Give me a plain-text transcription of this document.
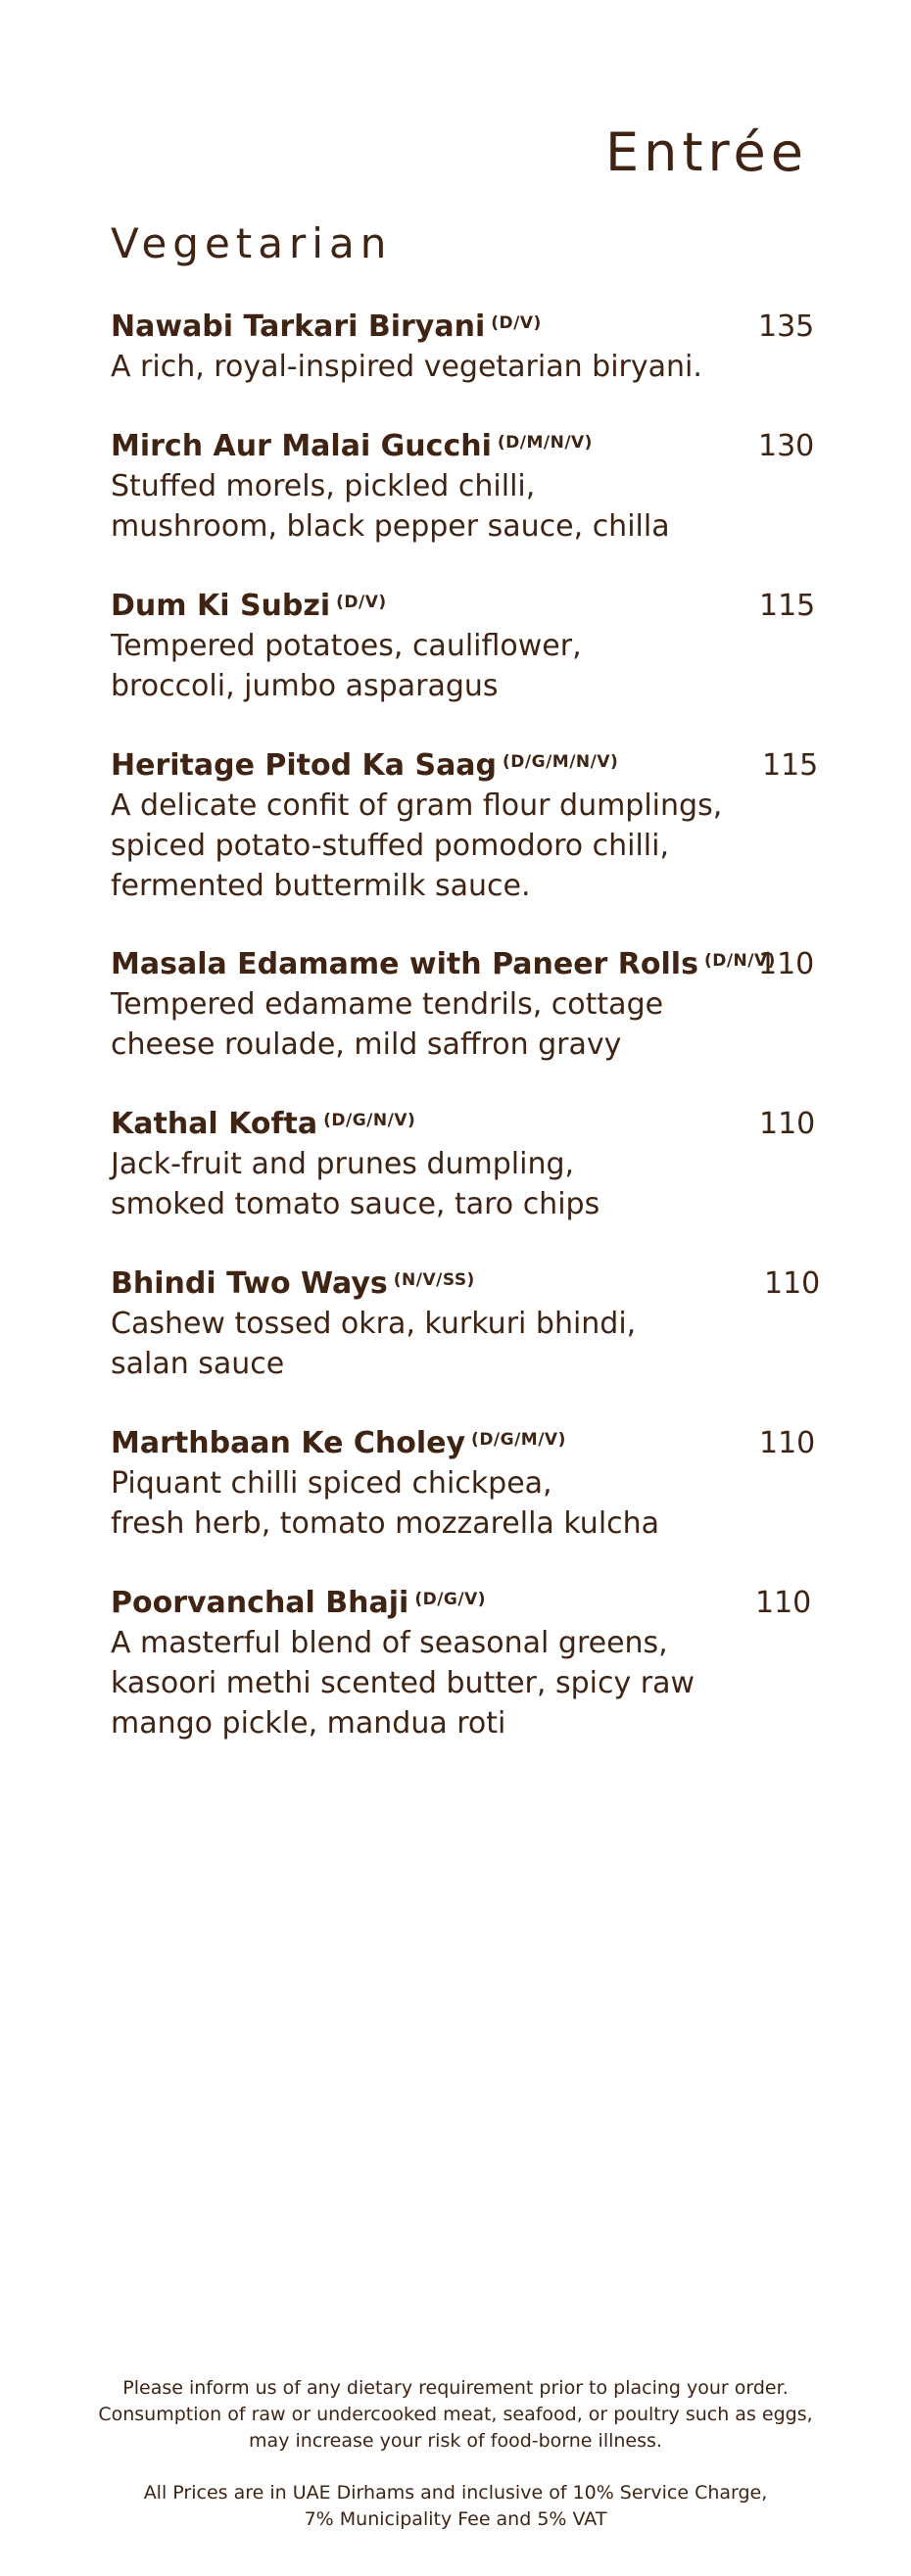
Entrée
Vegetarian
Nawabi Tarkari Biryani $^{(D/V)}$
A rich, royal-inspired vegetarian biryani.
135
Mirch Aur Malai Gucchi $^{(D/M/N/V)}$
Stuffed morels, pickled chilli,
mushroom, black pepper sauce, chilla
130
Dum Ki Subzi $^{(D/V)}$
Tempered potatoes, cauliflower,
broccoli, jumbo asparagus
115
Heritage Pitod Ka Saag $^{(D/G/M/N/V)}$
A delicate confit of gram flour dumplings,
spiced potato-stuffed pomodoro chilli,
fermented buttermilk sauce.
115
Masala Edamame with Paneer Rolls $^{(D/N/V)}$
Tempered edamame tendrils, cottage
cheese roulade, mild saffron gravy
110
Kathal Kofta $^{(D/G/N/V)}$
Jack-fruit and prunes dumpling,
smoked tomato sauce, taro chips
110
Bhindi Two Ways $^{(N/V/SS)}$
Cashew tossed okra, kurkuri bhindi,
salan sauce
110
Marthbaan Ke Choley $^{(D/G/M/V)}$
Piquant chilli spiced chickpea,
fresh herb, tomato mozzarella kulcha
110
Poorvanchal Bhaji $^{(D/G/V)}$
A masterful blend of seasonal greens,
kasoori methi scented butter, spicy raw
mango pickle, mandua roti
110
Please inform us of any dietary requirement prior to placing your order.
Consumption of raw or undercooked meat, seafood, or poultry such as eggs,
may increase your risk of food-borne illness.
All Prices are in UAE Dirhams and inclusive of 10% Service Charge,
7% Municipality Fee and 5% VAT
